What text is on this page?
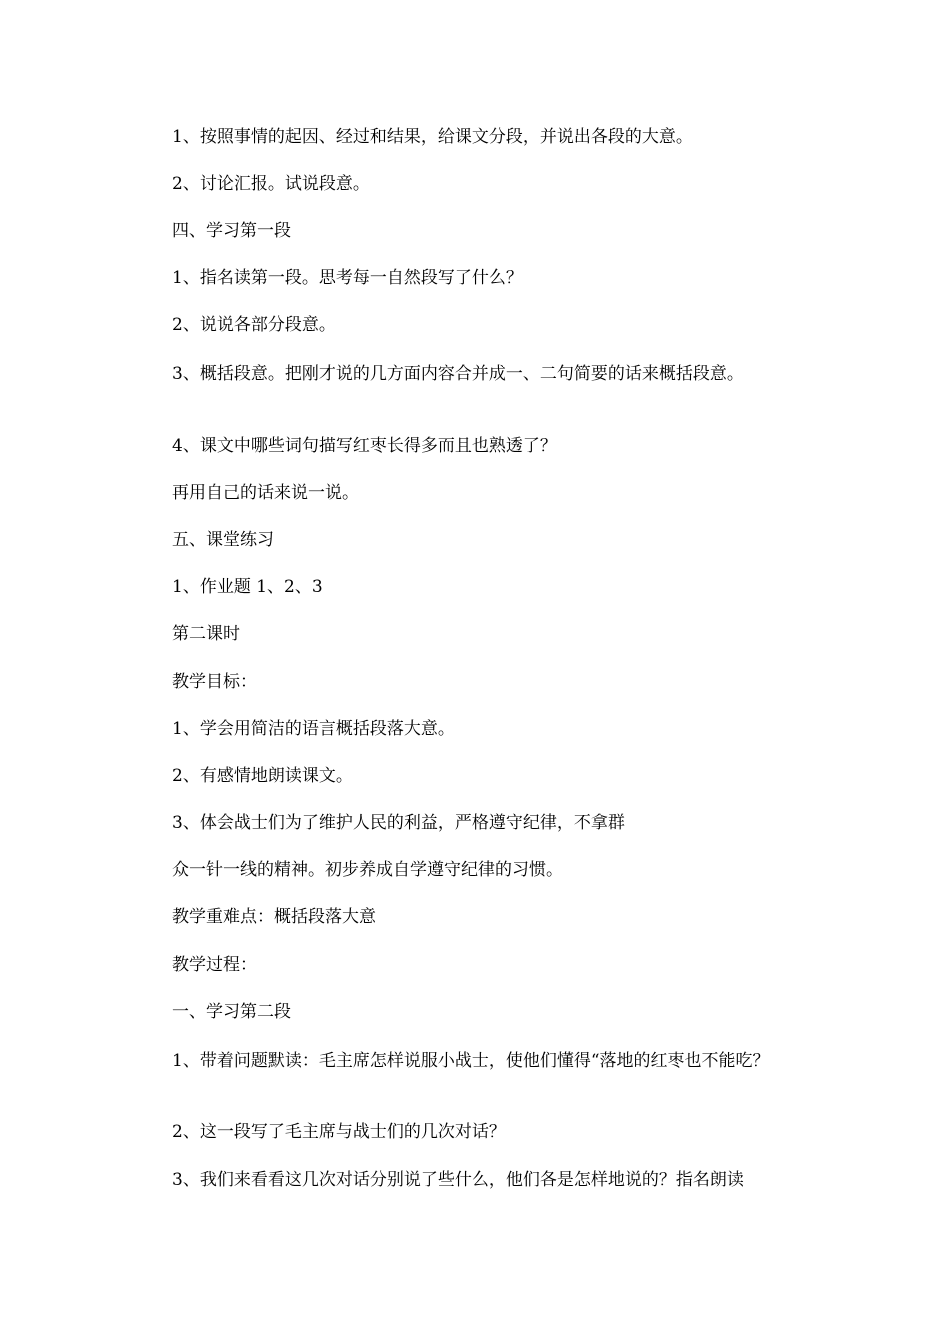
1、按照事情的起因、经过和结果，给课文分段，并说出各段的大意。

2、讨论汇报。试说段意。

四、学习第一段

1、指名读第一段。思考每一自然段写了什么？

2、说说各部分段意。

3、概括段意。把刚才说的几方面内容合并成一、二句简要的话来概括段意。

4、课文中哪些词句描写红枣长得多而且也熟透了？

再用自己的话来说一说。

五、课堂练习

1、作业题 1、2、3

第二课时

教学目标：

1、学会用简洁的语言概括段落大意。

2、有感情地朗读课文。

3、体会战士们为了维护人民的利益，严格遵守纪律，不拿群

众一针一线的精神。初步养成自学遵守纪律的习惯。

教学重难点：概括段落大意

教学过程：

一、学习第二段

1、带着问题默读：毛主席怎样说服小战士，使他们懂得“落地的红枣也不能吃？

2、这一段写了毛主席与战士们的几次对话？

3、我们来看看这几次对话分别说了些什么，他们各是怎样地说的？指名朗读
